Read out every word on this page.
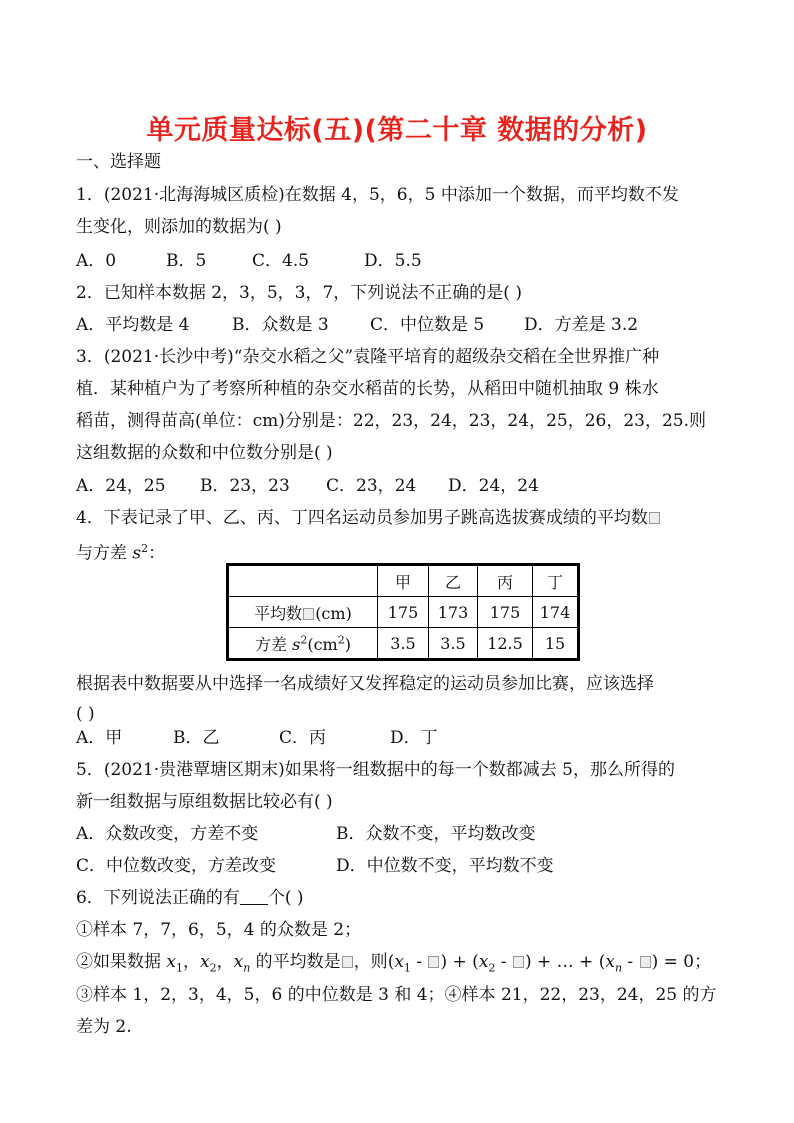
单元质量达标(五)(第二十章 数据的分析)
一、选择题
1．(2021·北海海城区质检)在数据 4，5，6，5 中添加一个数据，而平均数不发
生变化，则添加的数据为( )
A．0	B．5	C．4.5	D．5.5
2．已知样本数据 2，3，5，3，7，下列说法不正确的是( )
A．平均数是 4	B．众数是 3 C．中位数是 5 D．方差是 3.2
3．(2021·长沙中考)“杂交水稻之父”袁隆平培育的超级杂交稻在全世界推广种
植．某种植户为了考察所种植的杂交水稻苗的长势，从稻田中随机抽取 9 株水
稻苗，测得苗高(单位：cm)分别是：22，23，24，23，24，25，26，23，25.则
这组数据的众数和中位数分别是( )
A．24，25 B．23，23 C．23，24 D．24，24
4．下表记录了甲、乙、丙、丁四名运动员参加男子跳高选拔赛成绩的平均数
与方差 $s^2$：
	甲	乙	丙	丁
平均数 (cm)	175	173	175	174
方差 $s^2(cm^2)$	3.5	3.5	12.5	15
根据表中数据要从中选择一名成绩好又发挥稳定的运动员参加比赛，应该选择
( )
A．甲	B．乙	C．丙	D．丁
5．(2021·贵港覃塘区期末)如果将一组数据中的每一个数都减去 5，那么所得的
新一组数据与原组数据比较必有( )
A．众数改变，方差不变	B．众数不变，平均数改变
C．中位数改变，方差改变	D．中位数不变，平均数不变
6．下列说法正确的有 个( )
①样本 7，7，6，5，4 的众数是 2；
②如果数据 $x_1$，$x_2$，$x_n$ 的平均数是 ，则($x_1$ - ) + ($x_2$ - ) + … + ($x_n$ - ) = 0；
③样本 1，2，3，4，5，6 的中位数是 3 和 4；④样本 21，22，23，24，25 的方
差为 2.
